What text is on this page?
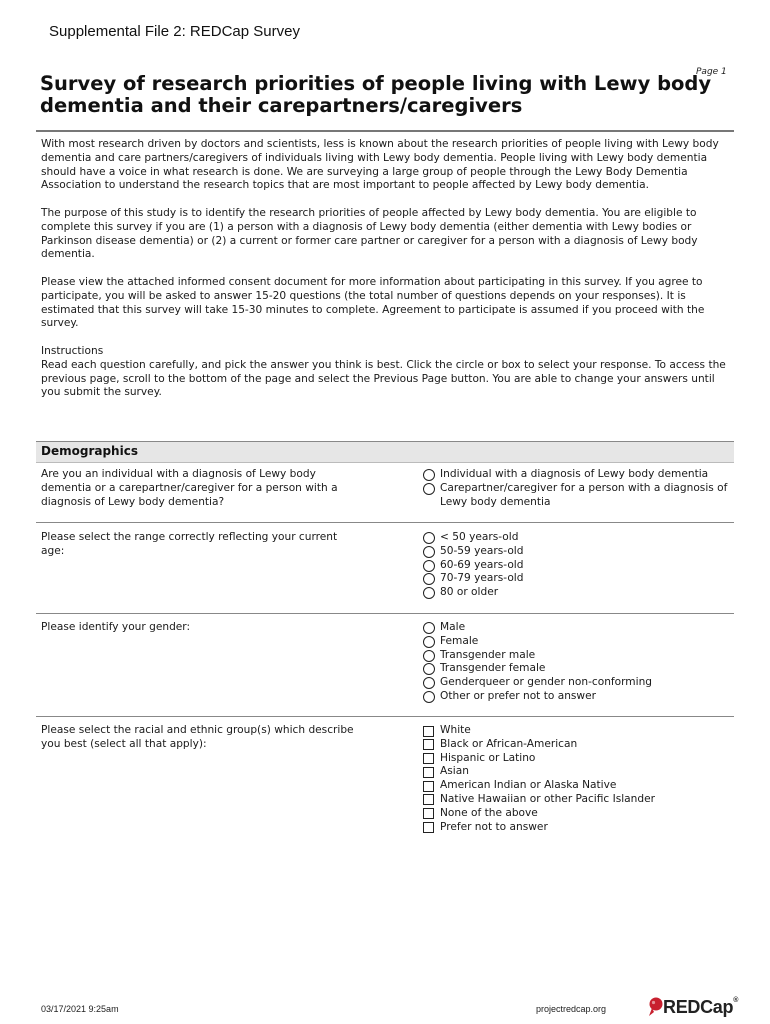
Supplemental File 2: REDCap Survey
Page 1
Survey of research priorities of people living with Lewy body dementia and their carepartners/caregivers

With most research driven by doctors and scientists, less is known about the research priorities of people living with Lewy body dementia and care partners/caregivers of individuals living with Lewy body dementia. People living with Lewy body dementia should have a voice in what research is done. We are surveying a large group of people through the Lewy Body Dementia Association to understand the research topics that are most important to people affected by Lewy body dementia.

The purpose of this study is to identify the research priorities of people affected by Lewy body dementia. You are eligible to complete this survey if you are (1) a person with a diagnosis of Lewy body dementia (either dementia with Lewy bodies or Parkinson disease dementia) or (2) a current or former care partner or caregiver for a person with a diagnosis of Lewy body dementia.

Please view the attached informed consent document for more information about participating in this survey. If you agree to participate, you will be asked to answer 15-20 questions (the total number of questions depends on your responses). It is estimated that this survey will take 15-30 minutes to complete. Agreement to participate is assumed if you proceed with the survey.

Instructions
Read each question carefully, and pick the answer you think is best. Click the circle or box to select your response. To access the previous page, scroll to the bottom of the page and select the Previous Page button. You are able to change your answers until you submit the survey.
Demographics
Are you an individual with a diagnosis of Lewy body dementia or a carepartner/caregiver for a person with a diagnosis of Lewy body dementia?
Individual with a diagnosis of Lewy body dementia
Carepartner/caregiver for a person with a diagnosis of Lewy body dementia
Please select the range correctly reflecting your current age:
< 50 years-old
50-59 years-old
60-69 years-old
70-79 years-old
80 or older
Please identify your gender:	Male
Female
Transgender male
Transgender female
Genderqueer or gender non-conforming
Other or prefer not to answer
Please select the racial and ethnic group(s) which describe you best (select all that apply):
White
Black or African-American
Hispanic or Latino
Asian
American Indian or Alaska Native
Native Hawaiian or other Pacific Islander
None of the above
Prefer not to answer
03/17/2021 9:25am	projectredcap.org	REDCap®
